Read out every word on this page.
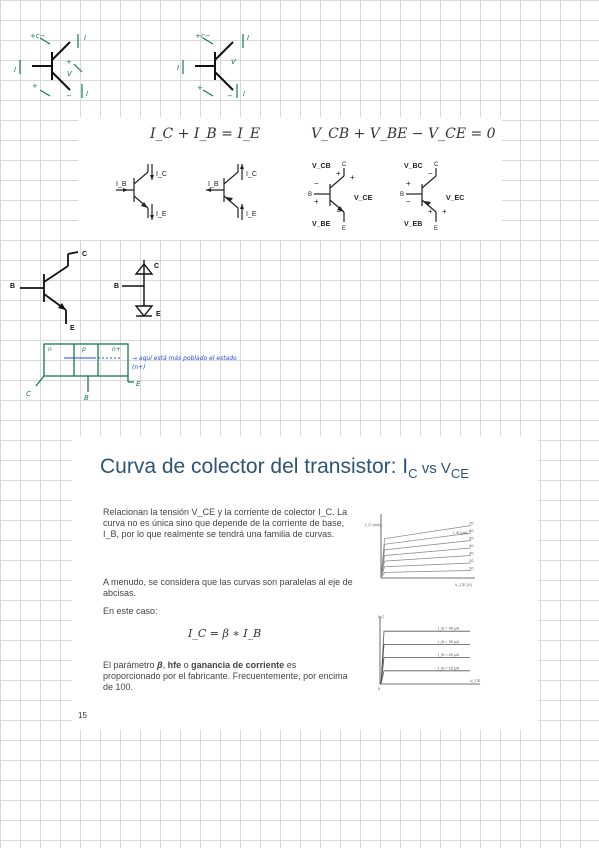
+c−	I
+
V
+
− I
I
+c−	I
V
+
− I
I
I_C + I_B = I_E	V_CB + V_BE − V_CE = 0
I_B
I_C
I_E
I_B
I_C
I_E
V_CB
V_CE
V_BE
B
C
E
+ +
−
+
−
V_BC
V_EC
V_EB
B
C
E
−
+
−
+ +
B
C
E
B
C
E
n	p	n+
C	B
E
→ aquí está más poblado el estado (n+)
Curva de colector del transistor: $I_C$ vs $V_{CE}$
Relacionan la tensión V_CE y la corriente de colector I_C. La curva no es única sino que depende de la corriente de base, I_B, por lo que realmente se tendrá una familia de curvas.
A menudo, se considera que las curvas son paralelas al eje de abcisas.
En este caso:
I_C = β ∗ I_B
El parámetro β, hfe o ganancia de corriente es proporcionado por el fabricante. Frecuentemente, por encima de 100.
15
70
60
50
40
30
20
10
I_C (mA)
V_CE (V)
I_B (μA)
I_B = 40 μA
I_B = 30 μA
I_B = 20 μA
I_B = 10 μA
I_C
V_CE
0
